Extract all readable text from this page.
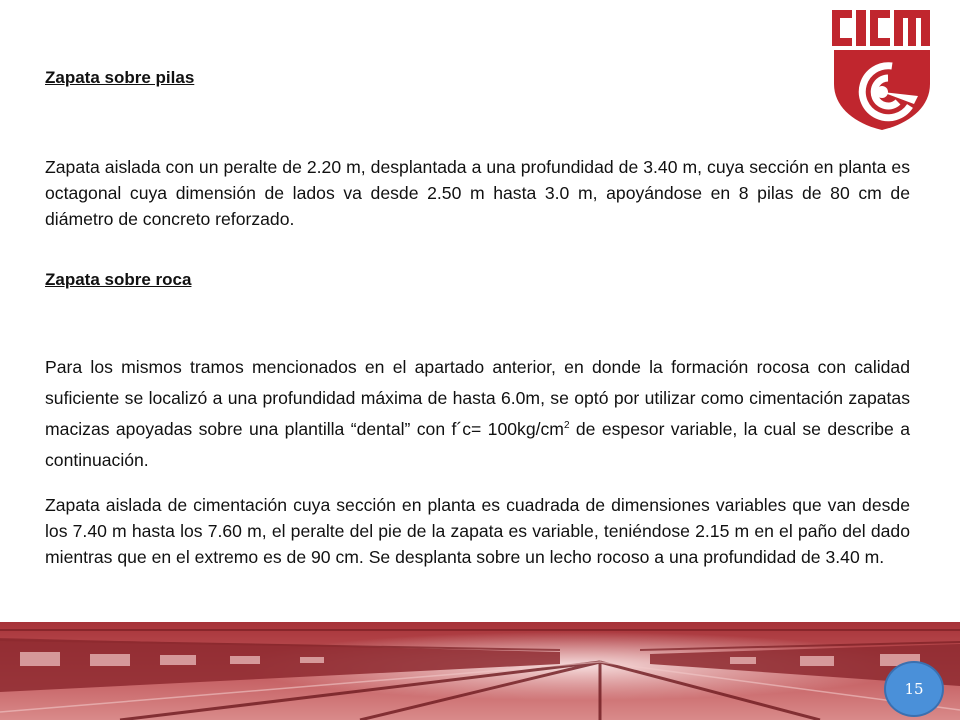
Zapata sobre pilas

Zapata aislada con un peralte de 2.20 m, desplantada a una profundidad de 3.40 m, cuya sección en planta es octagonal cuya dimensión de lados va desde 2.50 m hasta 3.0 m, apoyándose en 8 pilas de 80 cm de diámetro de concreto reforzado.

Zapata sobre roca

Para los mismos tramos mencionados en el apartado anterior, en donde la formación rocosa con calidad suficiente se localizó a una profundidad máxima de hasta 6.0m, se optó por utilizar como cimentación zapatas macizas apoyadas sobre una plantilla “dental” con f´c= $100kg/cm^2$ de espesor variable, la cual se describe a continuación.

Zapata aislada de cimentación cuya sección en planta es cuadrada de dimensiones variables que van desde los 7.40 m hasta los 7.60 m, el peralte del pie de la zapata es variable, teniéndose 2.15 m en el paño del dado mientras que en el extremo es de 90 cm. Se desplanta sobre un lecho rocoso a una profundidad de 3.40 m.

15
